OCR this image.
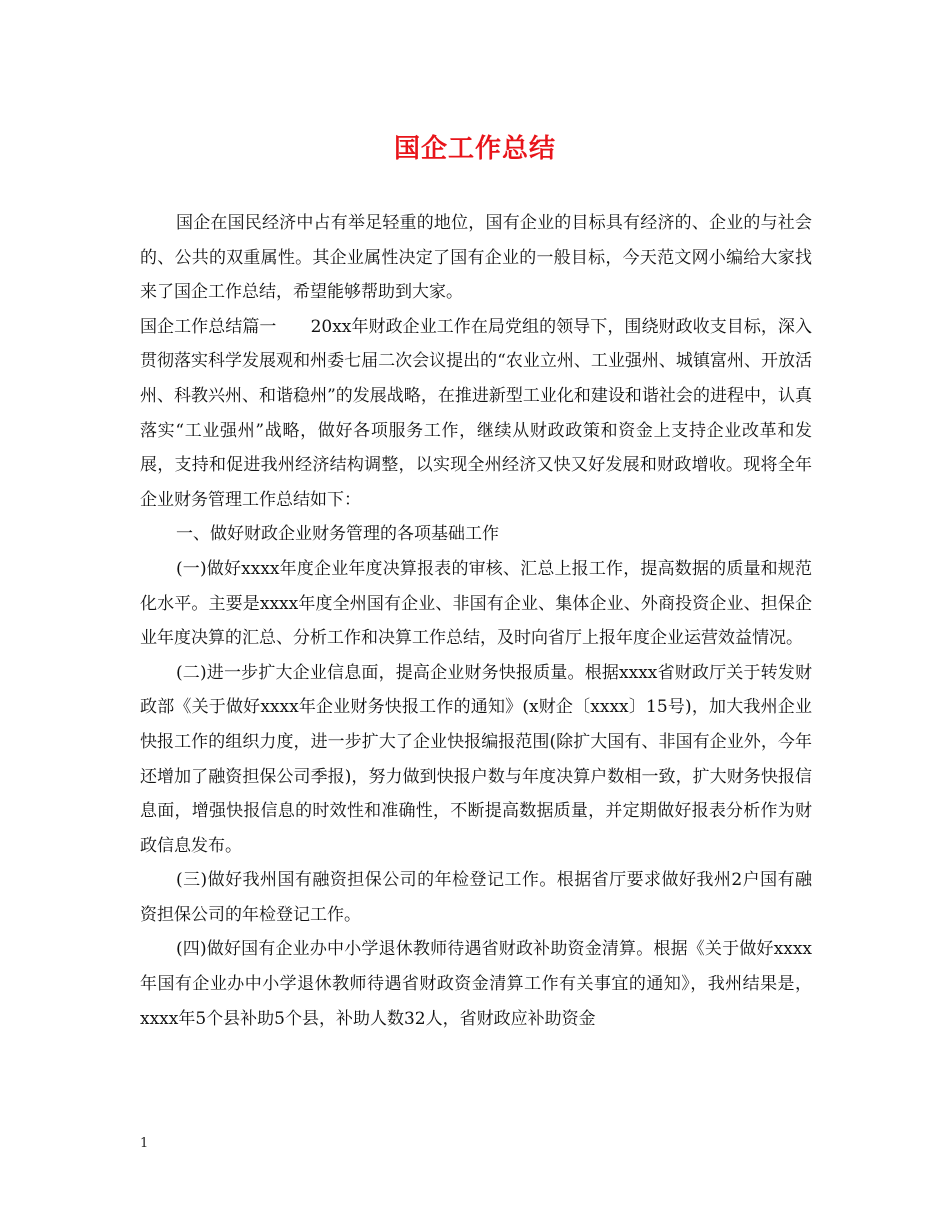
国企工作总结

国企在国民经济中占有举足轻重的地位，国有企业的目标具有经济的、企业的与社会的、公共的双重属性。其企业属性决定了国有企业的一般目标，今天范文网小编给大家找来了国企工作总结，希望能够帮助到大家。

国企工作总结篇一　　20xx年财政企业工作在局党组的领导下，围绕财政收支目标，深入贯彻落实科学发展观和州委七届二次会议提出的“农业立州、工业强州、城镇富州、开放活州、科教兴州、和谐稳州”的发展战略，在推进新型工业化和建设和谐社会的进程中，认真落实“工业强州”战略，做好各项服务工作，继续从财政政策和资金上支持企业改革和发展，支持和促进我州经济结构调整，以实现全州经济又快又好发展和财政增收。现将全年企业财务管理工作总结如下：

一、做好财政企业财务管理的各项基础工作

(一)做好xxxx年度企业年度决算报表的审核、汇总上报工作，提高数据的质量和规范化水平。主要是xxxx年度全州国有企业、非国有企业、集体企业、外商投资企业、担保企业年度决算的汇总、分析工作和决算工作总结，及时向省厅上报年度企业运营效益情况。

(二)进一步扩大企业信息面，提高企业财务快报质量。根据xxxx省财政厅关于转发财政部《关于做好xxxx年企业财务快报工作的通知》(x财企〔xxxx〕15号)，加大我州企业快报工作的组织力度，进一步扩大了企业快报编报范围(除扩大国有、非国有企业外，今年还增加了融资担保公司季报)，努力做到快报户数与年度决算户数相一致，扩大财务快报信息面，增强快报信息的时效性和准确性，不断提高数据质量，并定期做好报表分析作为财政信息发布。

(三)做好我州国有融资担保公司的年检登记工作。根据省厅要求做好我州2户国有融资担保公司的年检登记工作。

(四)做好国有企业办中小学退休教师待遇省财政补助资金清算。根据《关于做好xxxx年国有企业办中小学退休教师待遇省财政资金清算工作有关事宜的通知》，我州结果是，xxxx年5个县补助5个县，补助人数32人，省财政应补助资金

1
